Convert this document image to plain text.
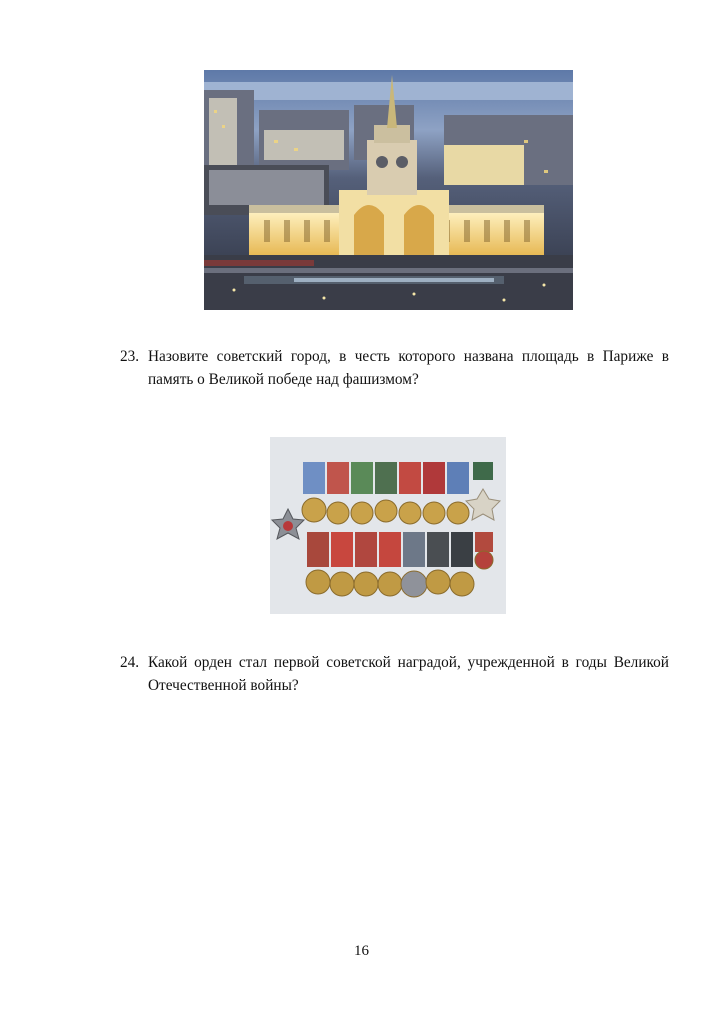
23. Назовите советский город, в честь которого названа площадь в Париже в память о Великой победе над фашизмом?
24. Какой орден стал первой советской наградой, учрежденной в годы Великой Отечественной войны?
16
